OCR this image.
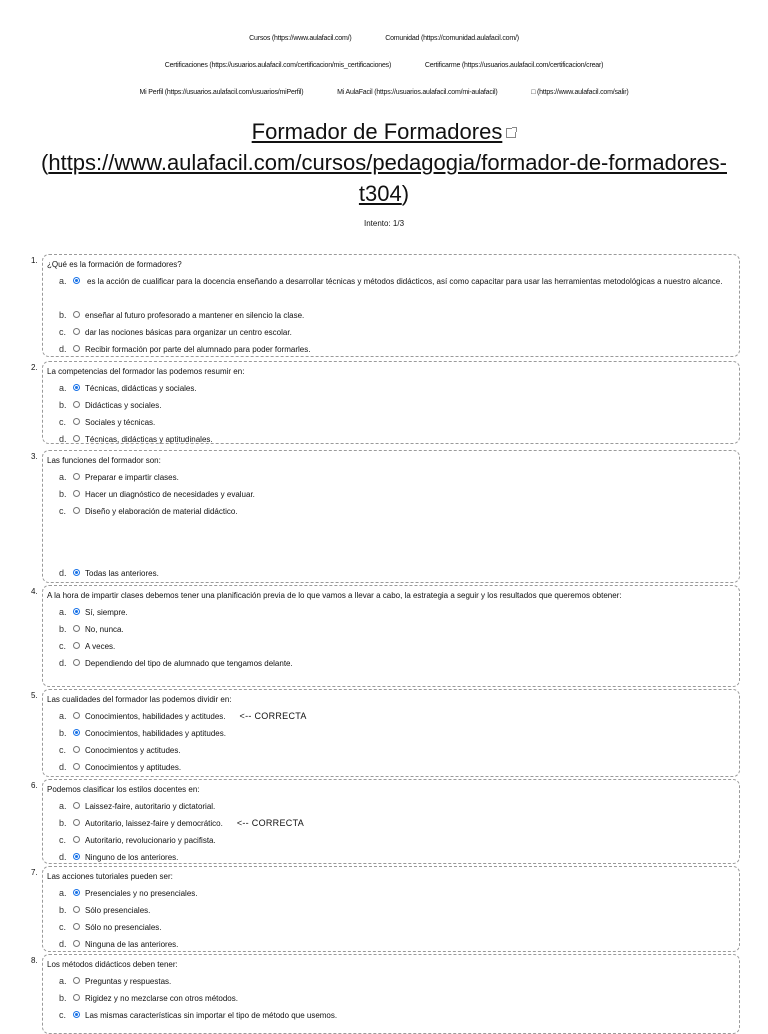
Cursos (https://www.aulafacil.com/)	Comunidad (https://comunidad.aulafacil.com/)
Certificaciones (https://usuarios.aulafacil.com/certificacion/mis_certificaciones)	Certificarme (https://usuarios.aulafacil.com/certificacion/crear)
Mi Perfil (https://usuarios.aulafacil.com/usuarios/miPerfil)	Mi AulaFacil (https://usuarios.aulafacil.com/mi-aulafacil)	□ (https://www.aulafacil.com/salir)
Formador de Formadores
(https://www.aulafacil.com/cursos/pedagogia/formador-de-formadores-t304)
Intento: 1/3
1.	¿Qué es la formación de formadores?
a.	es la acción de cualificar para la docencia enseñando a desarrollar técnicas y métodos didácticos, así como capacitar para usar las herramientas metodológicas a nuestro alcance.
b. enseñar al futuro profesorado a mantener en silencio la clase.
c. dar las nociones básicas para organizar un centro escolar.
d. Recibir formación por parte del alumnado para poder formarles.
2.	La competencias del formador las podemos resumir en:
a. Técnicas, didácticas y sociales.
b. Didácticas y sociales.
c. Sociales y técnicas.
d. Técnicas, didácticas y aptitudinales.
3.	Las funciones del formador son:
a. Preparar e impartir clases.
b. Hacer un diagnóstico de necesidades y evaluar.
c. Diseño y elaboración de material didáctico.
d. Todas las anteriores.
4.	A la hora de impartir clases debemos tener una planificación previa de lo que vamos a llevar a cabo, la estrategia a seguir y los resultados que queremos obtener:
a. Sí, siempre.
b. No, nunca.
c. A veces.
d. Dependiendo del tipo de alumnado que tengamos delante.
5.	Las cualidades del formador las podemos dividir en:
a. Conocimientos, habilidades y actitudes. <-- CORRECTA
b. Conocimientos, habilidades y aptitudes.
c. Conocimientos y actitudes.
d. Conocimientos y aptitudes.
6.	Podemos clasificar los estilos docentes en:
a. Laissez-faire, autoritario y dictatorial.
b. Autoritario, laissez-faire y democrático. <-- CORRECTA
c. Autoritario, revolucionario y pacifista.
d. Ninguno de los anteriores.
7.	Las acciones tutoriales pueden ser:
a. Presenciales y no presenciales.
b. Sólo presenciales.
c. Sólo no presenciales.
d. Ninguna de las anteriores.
8.	Los métodos didácticos deben tener:
a. Preguntas y respuestas.
b. Rigidez y no mezclarse con otros métodos.
c. Las mismas características sin importar el tipo de método que usemos.
